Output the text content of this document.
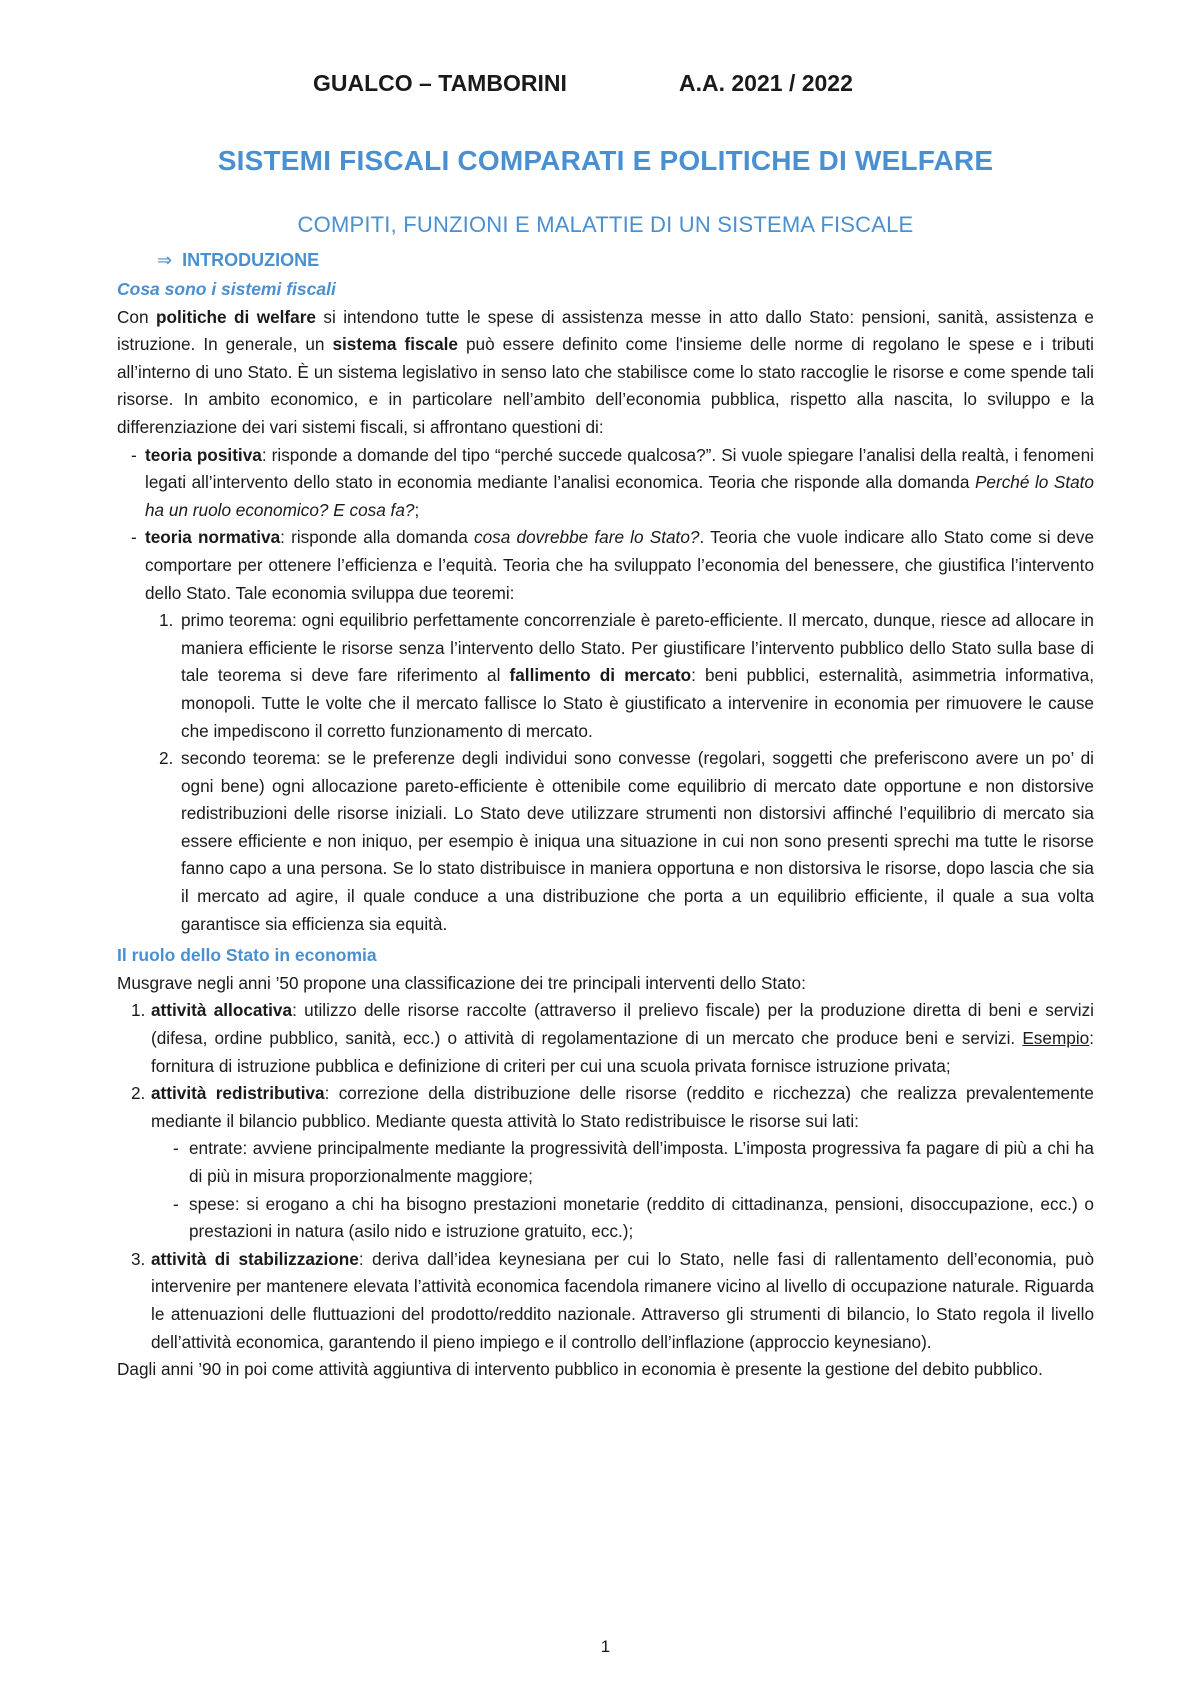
GUALCO – TAMBORINI	A.A. 2021 / 2022
SISTEMI FISCALI COMPARATI E POLITICHE DI WELFARE
COMPITI, FUNZIONI E MALATTIE DI UN SISTEMA FISCALE
⇒ INTRODUZIONE
Cosa sono i sistemi fiscali

Con politiche di welfare si intendono tutte le spese di assistenza messe in atto dallo Stato: pensioni, sanità, assistenza e istruzione. In generale, un sistema fiscale può essere definito come l'insieme delle norme di regolano le spese e i tributi all’interno di uno Stato. È un sistema legislativo in senso lato che stabilisce come lo stato raccoglie le risorse e come spende tali risorse. In ambito economico, e in particolare nell’ambito dell’economia pubblica, rispetto alla nascita, lo sviluppo e la differenziazione dei vari sistemi fiscali, si affrontano questioni di:

- teoria positiva: risponde a domande del tipo “perché succede qualcosa?”. Si vuole spiegare l’analisi della realtà, i fenomeni legati all’intervento dello stato in economia mediante l’analisi economica. Teoria che risponde alla domanda Perché lo Stato ha un ruolo economico? E cosa fa?;
- teoria normativa: risponde alla domanda cosa dovrebbe fare lo Stato?. Teoria che vuole indicare allo Stato come si deve comportare per ottenere l’efficienza e l’equità. Teoria che ha sviluppato l’economia del benessere, che giustifica l’intervento dello Stato. Tale economia sviluppa due teoremi:
1. primo teorema: ogni equilibrio perfettamente concorrenziale è pareto-efficiente. Il mercato, dunque, riesce ad allocare in maniera efficiente le risorse senza l’intervento dello Stato. Per giustificare l’intervento pubblico dello Stato sulla base di tale teorema si deve fare riferimento al fallimento di mercato: beni pubblici, esternalità, asimmetria informativa, monopoli. Tutte le volte che il mercato fallisce lo Stato è giustificato a intervenire in economia per rimuovere le cause che impediscono il corretto funzionamento di mercato.
2. secondo teorema: se le preferenze degli individui sono convesse (regolari, soggetti che preferiscono avere un po’ di ogni bene) ogni allocazione pareto-efficiente è ottenibile come equilibrio di mercato date opportune e non distorsive redistribuzioni delle risorse iniziali. Lo Stato deve utilizzare strumenti non distorsivi affinché l’equilibrio di mercato sia essere efficiente e non iniquo, per esempio è iniqua una situazione in cui non sono presenti sprechi ma tutte le risorse fanno capo a una persona. Se lo stato distribuisce in maniera opportuna e non distorsiva le risorse, dopo lascia che sia il mercato ad agire, il quale conduce a una distribuzione che porta a un equilibrio efficiente, il quale a sua volta garantisce sia efficienza sia equità.
Il ruolo dello Stato in economia

Musgrave negli anni ’50 propone una classificazione dei tre principali interventi dello Stato:

1. attività allocativa: utilizzo delle risorse raccolte (attraverso il prelievo fiscale) per la produzione diretta di beni e servizi (difesa, ordine pubblico, sanità, ecc.) o attività di regolamentazione di un mercato che produce beni e servizi. Esempio: fornitura di istruzione pubblica e definizione di criteri per cui una scuola privata fornisce istruzione privata;
2. attività redistributiva: correzione della distribuzione delle risorse (reddito e ricchezza) che realizza prevalentemente mediante il bilancio pubblico. Mediante questa attività lo Stato redistribuisce le risorse sui lati:
- entrate: avviene principalmente mediante la progressività dell’imposta. L’imposta progressiva fa pagare di più a chi ha di più in misura proporzionalmente maggiore;
- spese: si erogano a chi ha bisogno prestazioni monetarie (reddito di cittadinanza, pensioni, disoccupazione, ecc.) o prestazioni in natura (asilo nido e istruzione gratuito, ecc.);
3. attività di stabilizzazione: deriva dall’idea keynesiana per cui lo Stato, nelle fasi di rallentamento dell’economia, può intervenire per mantenere elevata l’attività economica facendola rimanere vicino al livello di occupazione naturale. Riguarda le attenuazioni delle fluttuazioni del prodotto/reddito nazionale. Attraverso gli strumenti di bilancio, lo Stato regola il livello dell’attività economica, garantendo il pieno impiego e il controllo dell’inflazione (approccio keynesiano).

Dagli anni ’90 in poi come attività aggiuntiva di intervento pubblico in economia è presente la gestione del debito pubblico.

1
